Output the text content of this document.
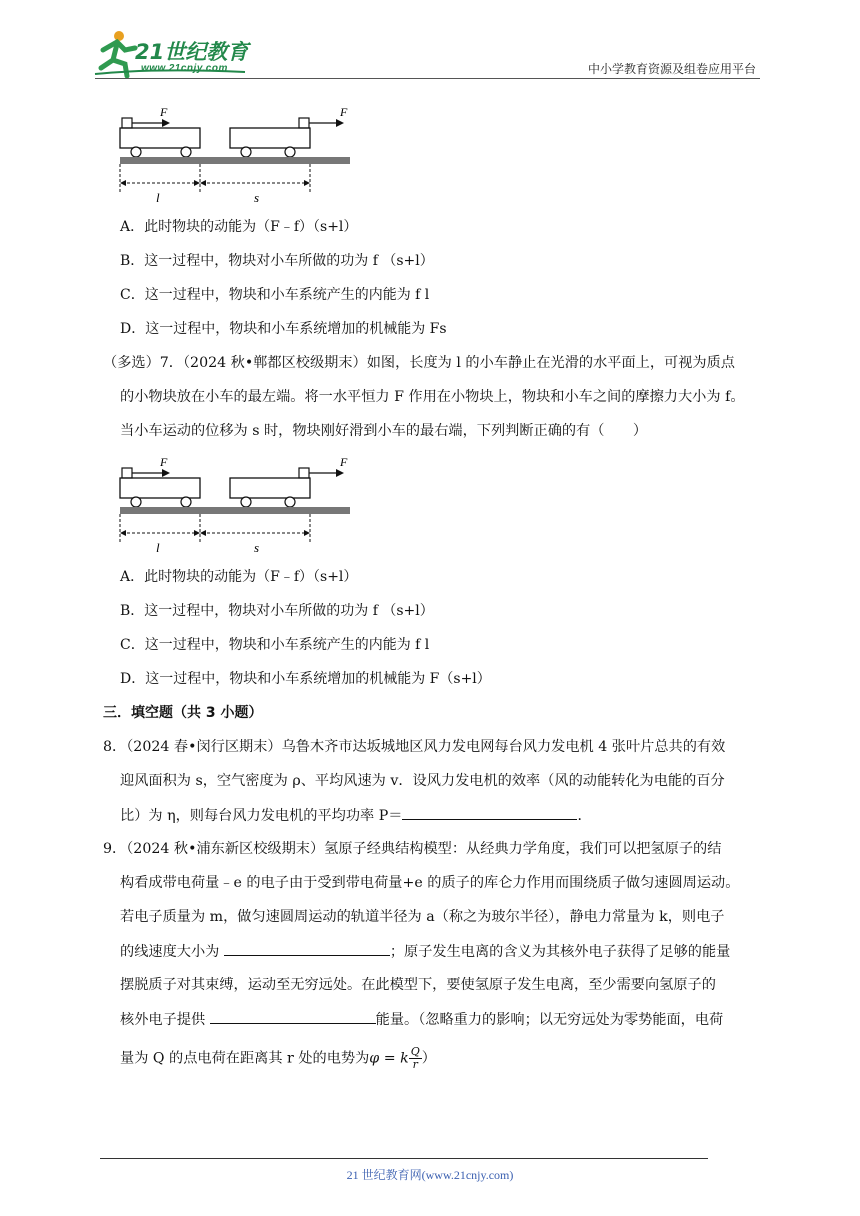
21世纪教育
www.21cnjy.com	中小学教育资源及组卷应用平台
F	F
l	s
A．此时物块的动能为（F﹣f）（s+l）
B．这一过程中，物块对小车所做的功为 f （s+l）
C．这一过程中，物块和小车系统产生的内能为 f l
D．这一过程中，物块和小车系统增加的机械能为 Fs
（多选）7．（2024 秋•郸都区校级期末）如图，长度为 l 的小车静止在光滑的水平面上，可视为质点
的小物块放在小车的最左端。将一水平恒力 F 作用在小物块上，物块和小车之间的摩擦力大小为 f。
当小车运动的位移为 s 时，物块刚好滑到小车的最右端，下列判断正确的有（　　）
F	F
l	s
A．此时物块的动能为（F﹣f）（s+l）
B．这一过程中，物块对小车所做的功为 f （s+l）
C．这一过程中，物块和小车系统产生的内能为 f l
D．这一过程中，物块和小车系统增加的机械能为 F（s+l）
三．填空题（共 3 小题）
8．（2024 春•闵行区期末）乌鲁木齐市达坂城地区风力发电网每台风力发电机 4 张叶片总共的有效
迎风面积为 s，空气密度为 ρ、平均风速为 v．设风力发电机的效率（风的动能转化为电能的百分
比）为 η，则每台风力发电机的平均功率 P＝	．
9．（2024 秋•浦东新区校级期末）氢原子经典结构模型：从经典力学角度，我们可以把氢原子的结
构看成带电荷量﹣e 的电子由于受到带电荷量+e 的质子的库仑力作用而围绕质子做匀速圆周运动。
若电子质量为 m，做匀速圆周运动的轨道半径为 a（称之为玻尔半径），静电力常量为 k，则电子
的线速度大小为	；原子发生电离的含义为其核外电子获得了足够的能量
摆脱质子对其束缚，运动至无穷远处。在此模型下，要使氢原子发生电离，至少需要向氢原子的
核外电子提供	能量。（忽略重力的影响；以无穷远处为零势能面，电荷
量为 Q 的点电荷在距离其 r 处的电势为φ = k $\frac{Q}{r}$ ）
21 世纪教育网(www.21cnjy.com)
